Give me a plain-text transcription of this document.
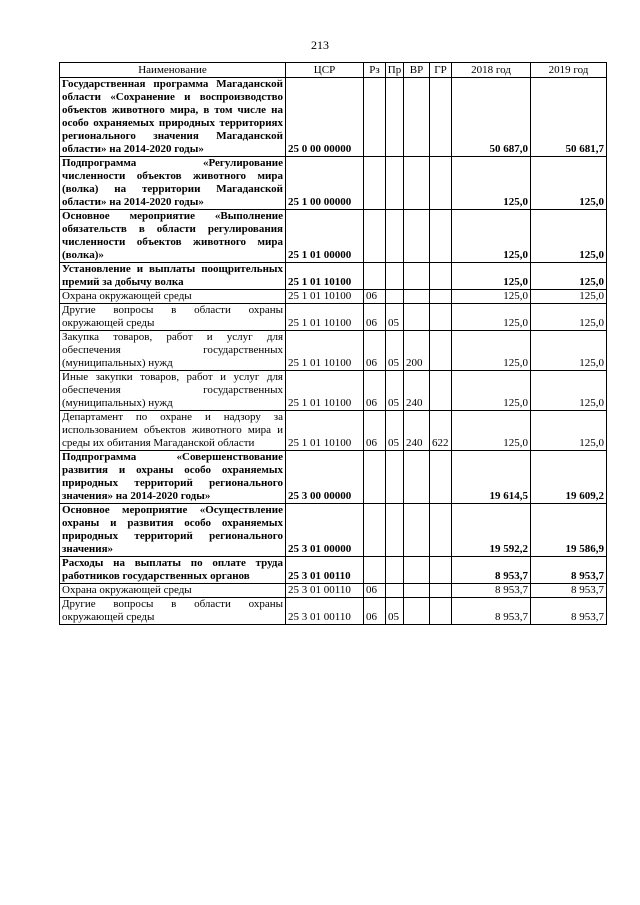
213
Наименование	ЦСР	Рз	Пр	ВР	ГР	2018 год	2019 год
Государственная программа Магаданской области «Сохранение и воспроизводство объектов животного мира, в том числе на особо охраняемых природных территориях регионального значения Магаданской области» на 2014-2020 годы»	25 0 00 00000					50 687,0	50 681,7
Подпрограмма «Регулирование численности объектов животного мира (волка) на территории Магаданской области» на 2014-2020 годы»	25 1 00 00000					125,0	125,0
Основное мероприятие «Выполнение обязательств в области регулирования численности объектов животного мира (волка)»	25 1 01 00000					125,0	125,0
Установление и выплаты поощрительных премий за добычу волка	25 1 01 10100					125,0	125,0
Охрана окружающей среды	25 1 01 10100	06				125,0	125,0
Другие вопросы в области охраны окружающей среды	25 1 01 10100	06	05			125,0	125,0
Закупка товаров, работ и услуг для обеспечения государственных (муниципальных) нужд	25 1 01 10100	06	05	200		125,0	125,0
Иные закупки товаров, работ и услуг для обеспечения государственных (муниципальных) нужд	25 1 01 10100	06	05	240		125,0	125,0
Департамент по охране и надзору за использованием объектов животного мира и среды их обитания Магаданской области	25 1 01 10100	06	05	240	622	125,0	125,0
Подпрограмма «Совершенствование развития и охраны особо охраняемых природных территорий регионального значения» на 2014-2020 годы»	25 3 00 00000					19 614,5	19 609,2
Основное мероприятие «Осуществление охраны и развития особо охраняемых природных территорий регионального значения»	25 3 01 00000					19 592,2	19 586,9
Расходы на выплаты по оплате труда работников государственных органов	25 3 01 00110					8 953,7	8 953,7
Охрана окружающей среды	25 3 01 00110	06				8 953,7	8 953,7
Другие вопросы в области охраны окружающей среды	25 3 01 00110	06	05			8 953,7	8 953,7
